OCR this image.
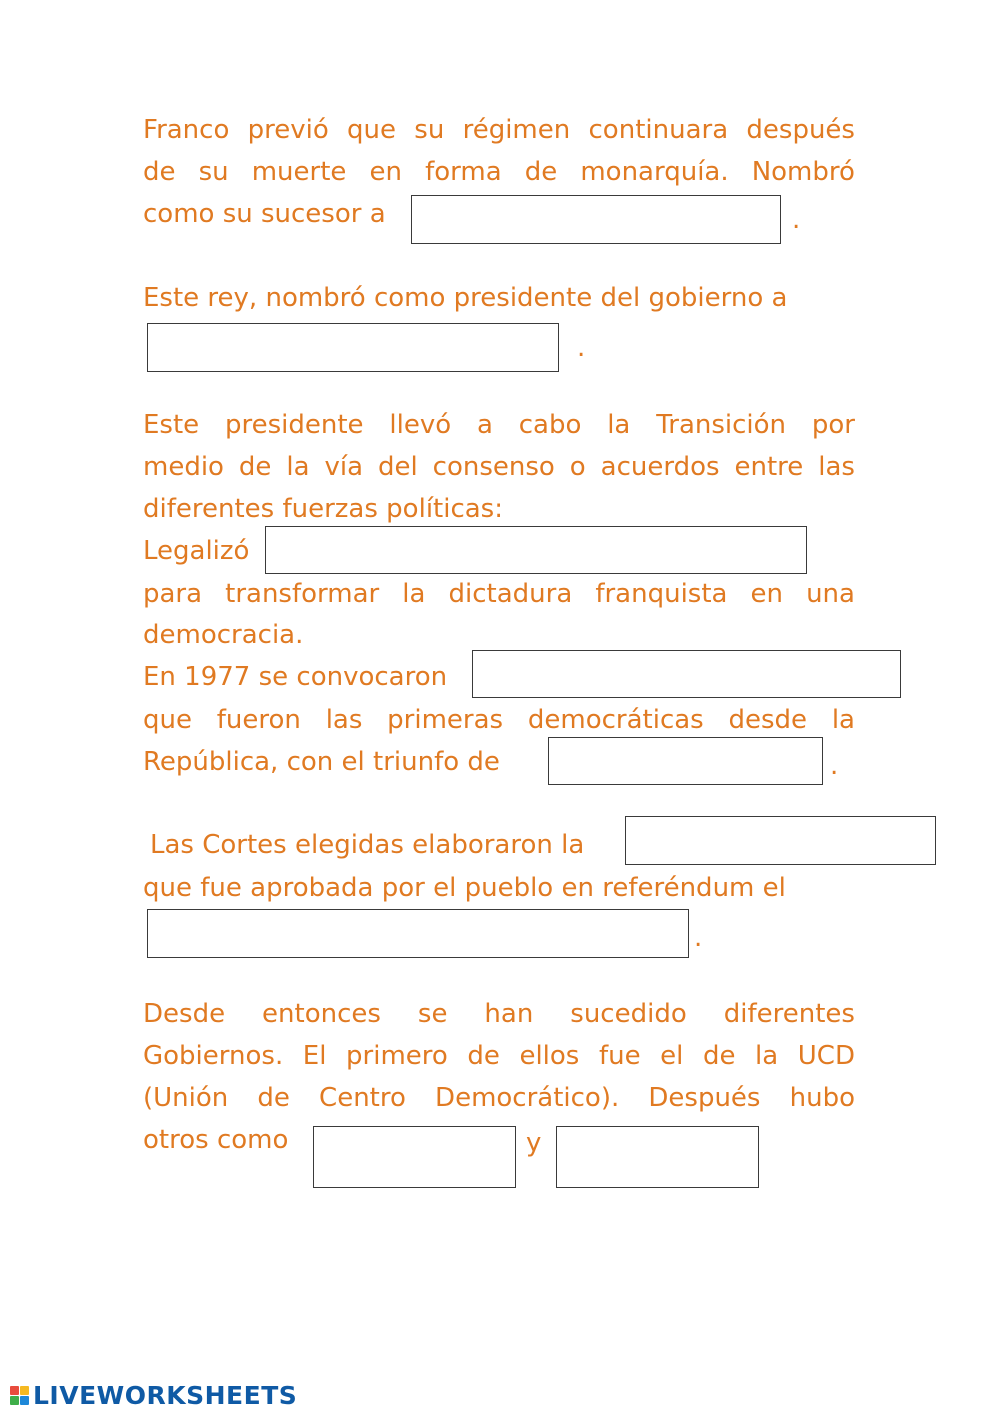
Franco previó que su régimen continuara después
de su muerte en forma de monarquía. Nombró
como su sucesor a	.
Este rey, nombró como presidente del gobierno a
.
Este presidente llevó a cabo la Transición por
medio de la vía del consenso o acuerdos entre las
diferentes fuerzas políticas:
Legalizó
para transformar la dictadura franquista en una
democracia.
En 1977 se convocaron
que fueron las primeras democráticas desde la
República, con el triunfo de	.
Las Cortes elegidas elaboraron la
que fue aprobada por el pueblo en referéndum el
.
Desde entonces se han sucedido diferentes
Gobiernos. El primero de ellos fue el de la UCD
(Unión de Centro Democrático). Después hubo
otros como	y
LIVEWORKSHEETS
